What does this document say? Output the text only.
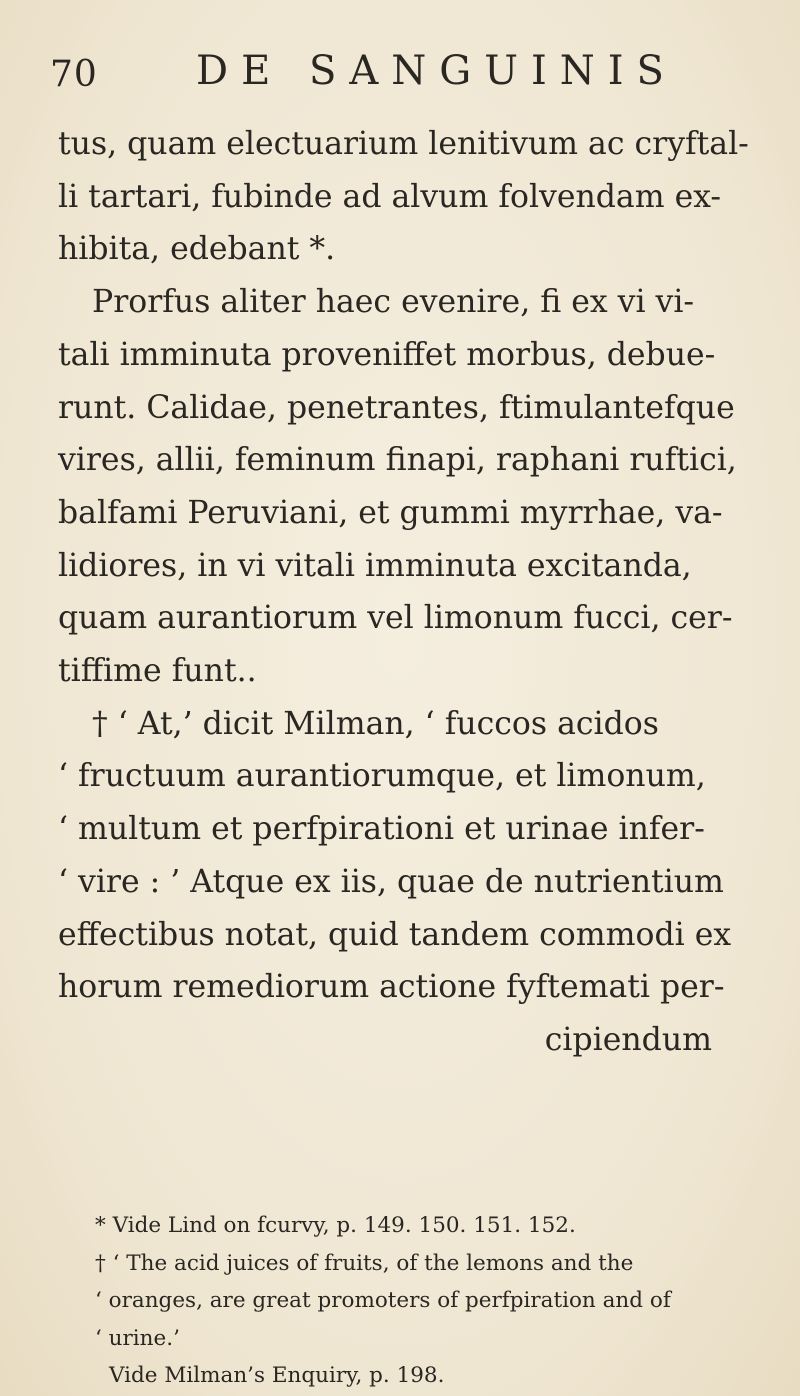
70 DE SANGUINIS
tus, quam electuarium lenitivum ac cryftal-
li tartari, fubinde ad alvum folvendam ex-
hibita, edebant *.
Prorfus aliter haec evenire, fi ex vi vi-
tali imminuta proveniffet morbus, debue-
runt. Calidae, penetrantes, ftimulantefque
vires, allii, feminum finapi, raphani ruftici,
balfami Peruviani, et gummi myrrhae, va-
lidiores, in vi vitali imminuta excitanda,
quam aurantiorum vel limonum fucci, cer-
tiffime funt..
† ‘ At,’ dicit Milman, ‘ fuccos acidos
‘ fructuum aurantiorumque, et limonum,
‘ multum et perfpirationi et urinae infer-
‘ vire : ’ Atque ex iis, quae de nutrientium
effectibus notat, quid tandem commodi ex
horum remediorum actione fyftemati per-
cipiendum
* Vide Lind on fcurvy, p. 149. 150. 151. 152.
† ‘ The acid juices of fruits, of the lemons and the
‘ oranges, are great promoters of perfpiration and of
‘ urine.’
Vide Milman’s Enquiry, p. 198.
